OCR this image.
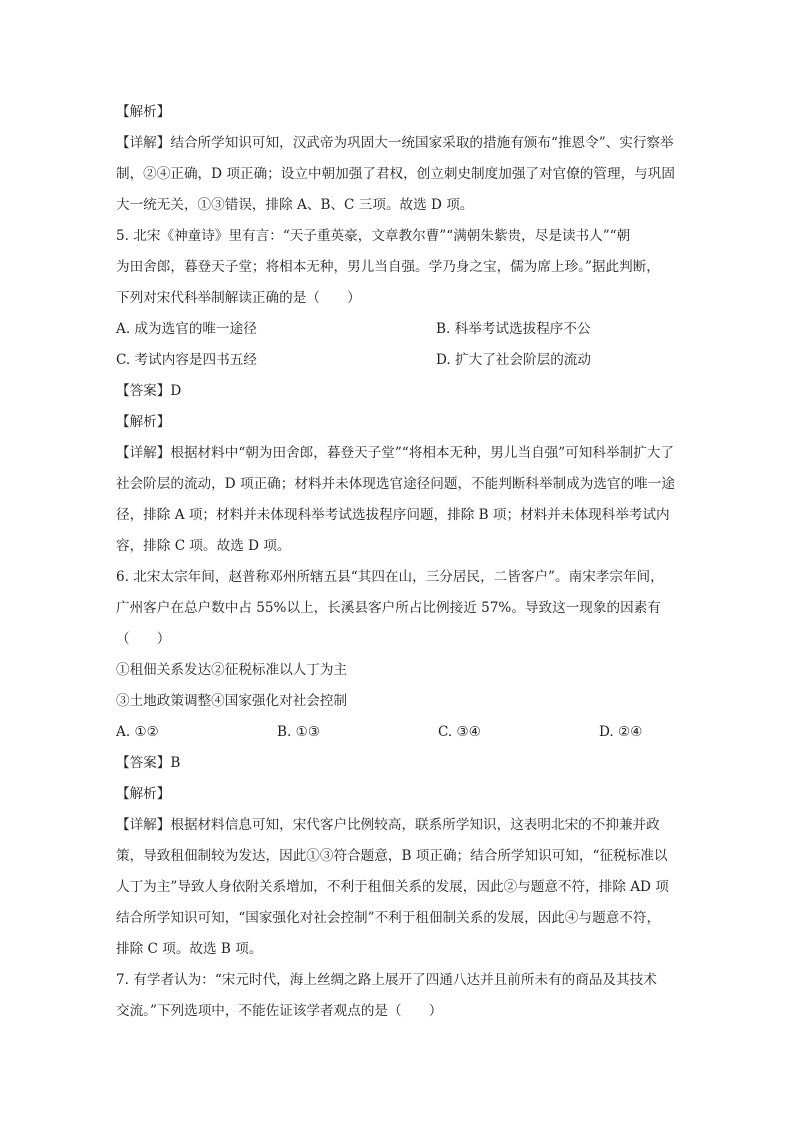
【解析】

【详解】结合所学知识可知，汉武帝为巩固大一统国家采取的措施有颁布“推恩令”、实行察举

制，②④正确，D 项正确；设立中朝加强了君权，创立刺史制度加强了对官僚的管理，与巩固

大一统无关，①③错误，排除 A、B、C 三项。故选 D 项。

5. 北宋《神童诗》里有言：“天子重英豪，文章教尔曹”“满朝朱紫贵，尽是读书人”“朝

为田舍郎，暮登天子堂；将相本无种，男儿当自强。学乃身之宝，儒为席上珍。”据此判断，

下列对宋代科举制解读正确的是（　　）

A. 成为选官的唯一途径	B. 科举考试选拔程序不公
C. 考试内容是四书五经	D. 扩大了社会阶层的流动

【答案】D

【解析】

【详解】根据材料中“朝为田舍郎，暮登天子堂”“将相本无种，男儿当自强”可知科举制扩大了

社会阶层的流动，D 项正确；材料并未体现选官途径问题，不能判断科举制成为选官的唯一途

径，排除 A 项；材料并未体现科举考试选拔程序问题，排除 B 项；材料并未体现科举考试内

容，排除 C 项。故选 D 项。

6. 北宋太宗年间，赵普称邓州所辖五县“其四在山，三分居民，二皆客户”。南宋孝宗年间，

广州客户在总户数中占 55%以上，长溪县客户所占比例接近 57%。导致这一现象的因素有

（　　）

①租佃关系发达②征税标准以人丁为主

③土地政策调整④国家强化对社会控制

A. ①②	B. ①③	C. ③④	D. ②④

【答案】B

【解析】

【详解】根据材料信息可知，宋代客户比例较高，联系所学知识，这表明北宋的不抑兼并政

策，导致租佃制较为发达，因此①③符合题意，B 项正确；结合所学知识可知，“征税标准以

人丁为主”导致人身依附关系增加，不利于租佃关系的发展，因此②与题意不符，排除 AD 项

结合所学知识可知，“国家强化对社会控制”不利于租佃制关系的发展，因此④与题意不符，

排除 C 项。故选 B 项。

7. 有学者认为：“宋元时代，海上丝绸之路上展开了四通八达并且前所未有的商品及其技术

交流。”下列选项中，不能佐证该学者观点的是（　　）
